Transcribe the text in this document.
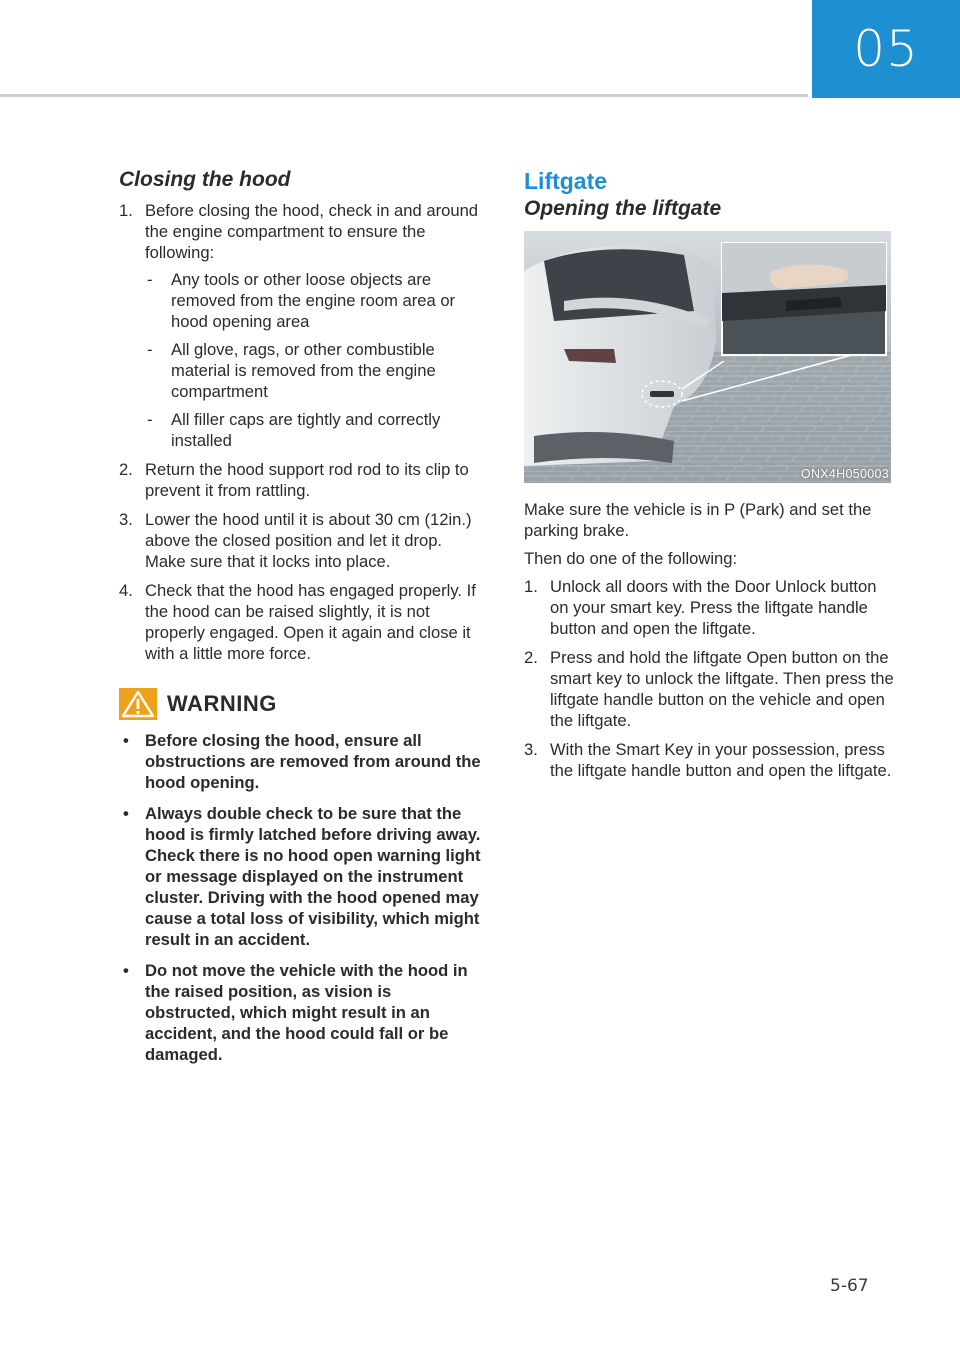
05
Closing the hood
1. Before closing the hood, check in and around the engine compartment to ensure the following:
- Any tools or other loose objects are removed from the engine room area or hood opening area
- All glove, rags, or other combustible material is removed from the engine compartment
- All filler caps are tightly and correctly installed
2. Return the hood support rod rod to its clip to prevent it from rattling.
3. Lower the hood until it is about 30 cm (12in.) above the closed position and let it drop. Make sure that it locks into place.
4. Check that the hood has engaged properly. If the hood can be raised slightly, it is not properly engaged. Open it again and close it with a little more force.
WARNING
• Before closing the hood, ensure all obstructions are removed from around the hood opening.
• Always double check to be sure that the hood is firmly latched before driving away. Check there is no hood open warning light or message displayed on the instrument cluster. Driving with the hood opened may cause a total loss of visibility, which might result in an accident.
• Do not move the vehicle with the hood in the raised position, as vision is obstructed, which might result in an accident, and the hood could fall or be damaged.
Liftgate
Opening the liftgate
ONX4H050003

Make sure the vehicle is in P (Park) and set the parking brake.

Then do one of the following:

1. Unlock all doors with the Door Unlock button on your smart key. Press the liftgate handle button and open the liftgate.
2. Press and hold the liftgate Open button on the smart key to unlock the liftgate. Then press the liftgate handle button on the vehicle and open the liftgate.
3. With the Smart Key in your possession, press the liftgate handle button and open the liftgate.
5-67
